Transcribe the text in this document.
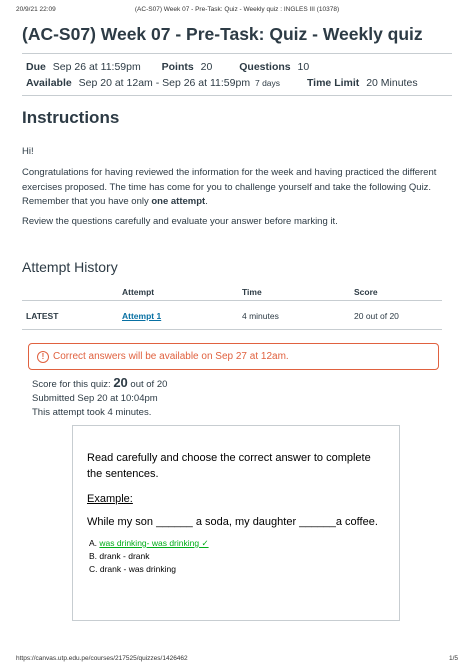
20/9/21 22:09	(AC-S07) Week 07 - Pre-Task: Quiz - Weekly quiz : INGLES III (10378)
(AC-S07) Week 07 - Pre-Task: Quiz - Weekly quiz
Due Sep 26 at 11:59pm Points 20	Questions 10
Available Sep 20 at 12am - Sep 26 at 11:59pm 7 days	Time Limit 20 Minutes
Instructions
Hi!
Congratulations for having reviewed the information for the week and having practiced the different exercises proposed. The time has come for you to challenge yourself and take the following Quiz. Remember that you have only one attempt.
Review the questions carefully and evaluate your answer before marking it.
Attempt History
	Attempt	Time	Score
LATEST	Attempt 1	4 minutes	20 out of 20
! Correct answers will be available on Sep 27 at 12am.
Score for this quiz: 20 out of 20
Submitted Sep 20 at 10:04pm
This attempt took 4 minutes.
Read carefully and choose the correct answer to complete the sentences.
Example:
While my son ______ a soda, my daughter ______a coffee.
A. was drinking- was drinking ✓
B. drank - drank
C. drank - was drinking
https://canvas.utp.edu.pe/courses/217525/quizzes/1426462	1/5
